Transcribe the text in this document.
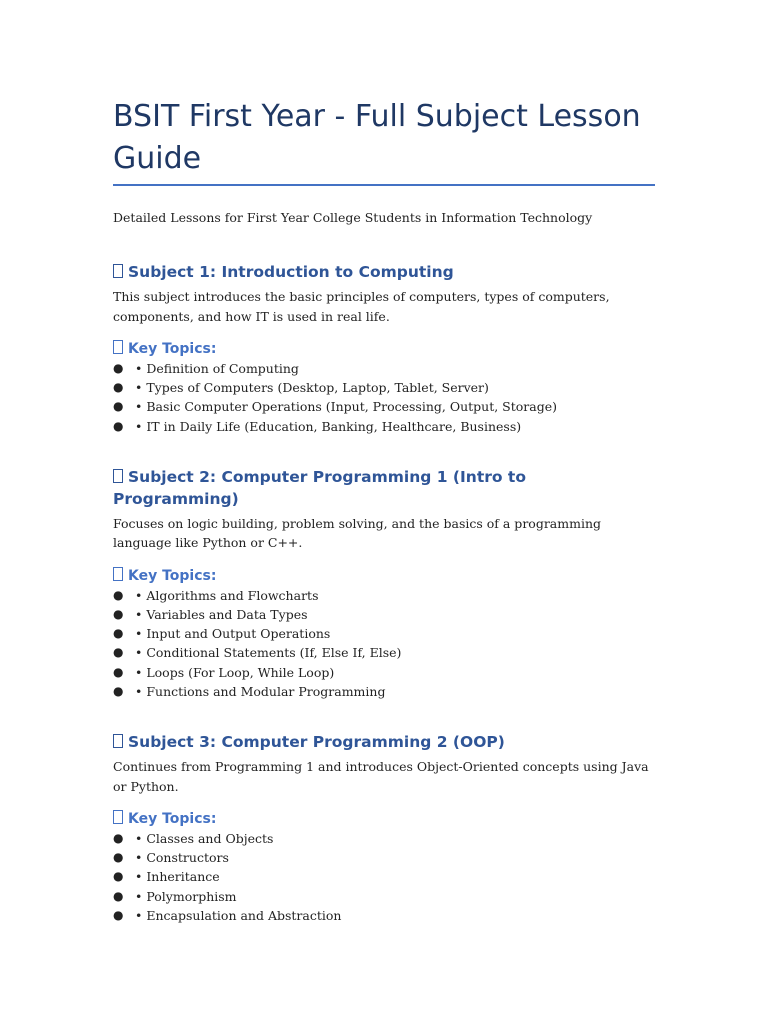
BSIT First Year - Full Subject Lesson Guide

Detailed Lessons for First Year College Students in Information Technology

Subject 1: Introduction to Computing

This subject introduces the basic principles of computers, types of computers, components, and how IT is used in real life.

Key Topics:
● • Definition of Computing
● • Types of Computers (Desktop, Laptop, Tablet, Server)
● • Basic Computer Operations (Input, Processing, Output, Storage)
● • IT in Daily Life (Education, Banking, Healthcare, Business)
Subject 2: Computer Programming 1 (Intro to Programming)

Focuses on logic building, problem solving, and the basics of a programming language like Python or C++.

Key Topics:
● • Algorithms and Flowcharts
● • Variables and Data Types
● • Input and Output Operations
● • Conditional Statements (If, Else If, Else)
● • Loops (For Loop, While Loop)
● • Functions and Modular Programming
Subject 3: Computer Programming 2 (OOP)

Continues from Programming 1 and introduces Object-Oriented concepts using Java or Python.

Key Topics:
● • Classes and Objects
● • Constructors
● • Inheritance
● • Polymorphism
● • Encapsulation and Abstraction
